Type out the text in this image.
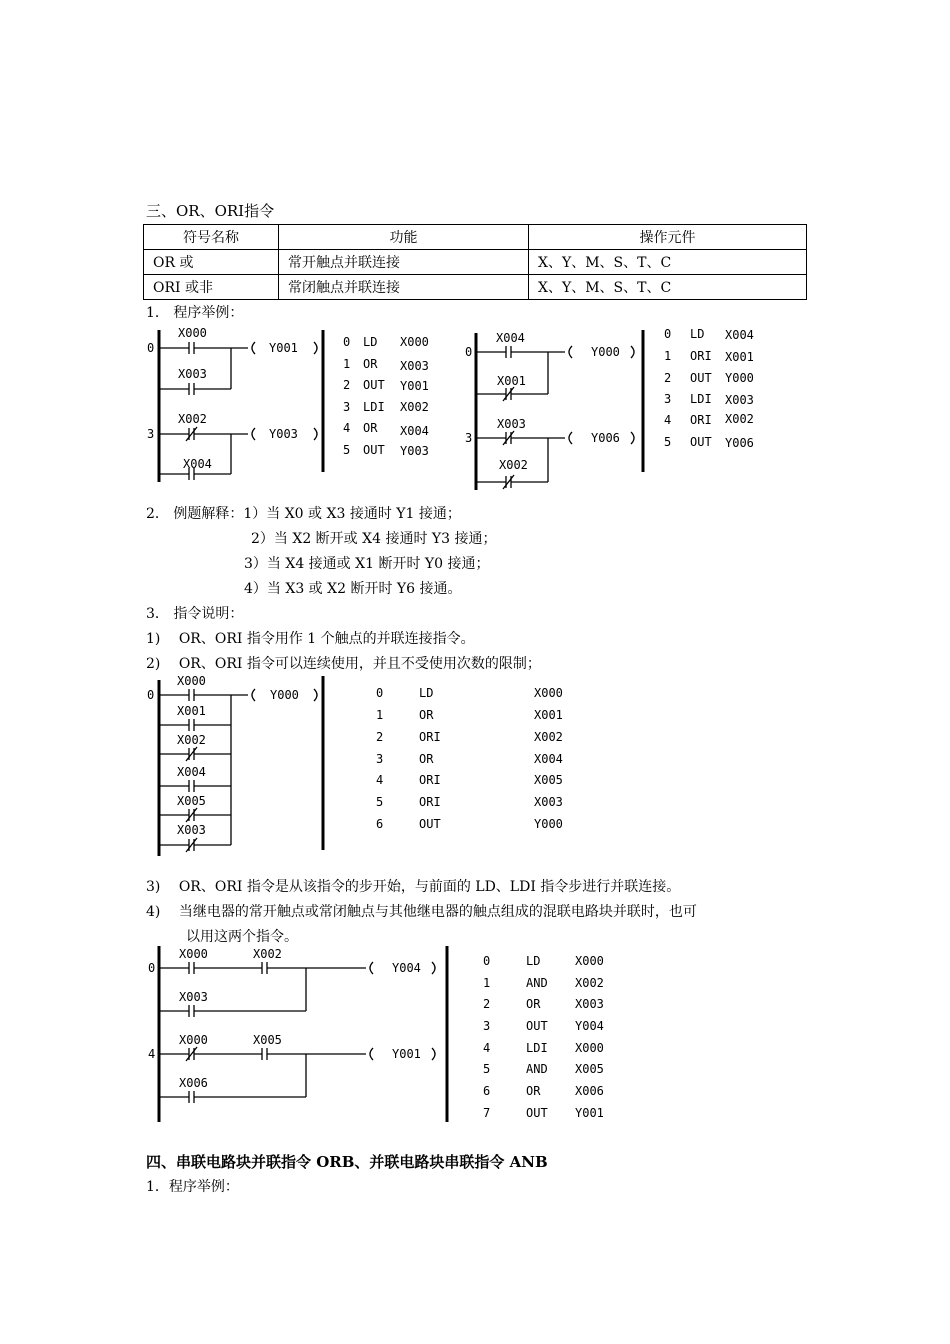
三、OR、ORI指令
符号名称	功能	操作元件
OR 或	常开触点并联连接	X、Y、M、S、T、C
ORI 或非	常闭触点并联连接	X、Y、M、S、T、C
1． 程序举例：
0
X000
X003
Y001
3
X002
X004
Y003
0 LD X000
1 OR X003
2 OUT Y001
3 LDI X002
4 OR X004
5 OUT Y003
0
X004
X001
Y000
3
X003
X002
Y006
0 LD X004
1 ORI X001
2 OUT Y000
3 LDI X003
4 ORI X002
5 OUT Y006
0
X000
X001
X002
X004
X005
X003
Y000	0	LD	X000
1	OR	X001
2	ORI	X002
3	OR	X004
4	ORI	X005
5	ORI	X003
6	OUT	Y000
0
X000	X002
X003
Y004
4
X000	X005
X006
Y001
0	LD	X000
1	AND X002
2	OR	X003
3	OUT Y004
4	LDI X000
5	AND X005
6	OR	X006
7	OUT Y001
2． 例题解释：1）当 X0 或 X3 接通时 Y1 接通；
2）当 X2 断开或 X4 接通时 Y3 接通；
3）当 X4 接通或 X1 断开时 Y0 接通；
4）当 X3 或 X2 断开时 Y6 接通。
3． 指令说明：
1)　 OR、ORI 指令用作 1 个触点的并联连接指令。
2)　 OR、ORI 指令可以连续使用，并且不受使用次数的限制；
3)　 OR、ORI 指令是从该指令的步开始，与前面的 LD、LDI 指令步进行并联连接。
4)　 当继电器的常开触点或常闭触点与其他继电器的触点组成的混联电路块并联时，也可
以用这两个指令。
四、串联电路块并联指令 ORB、并联电路块串联指令 ANB
1．程序举例：
